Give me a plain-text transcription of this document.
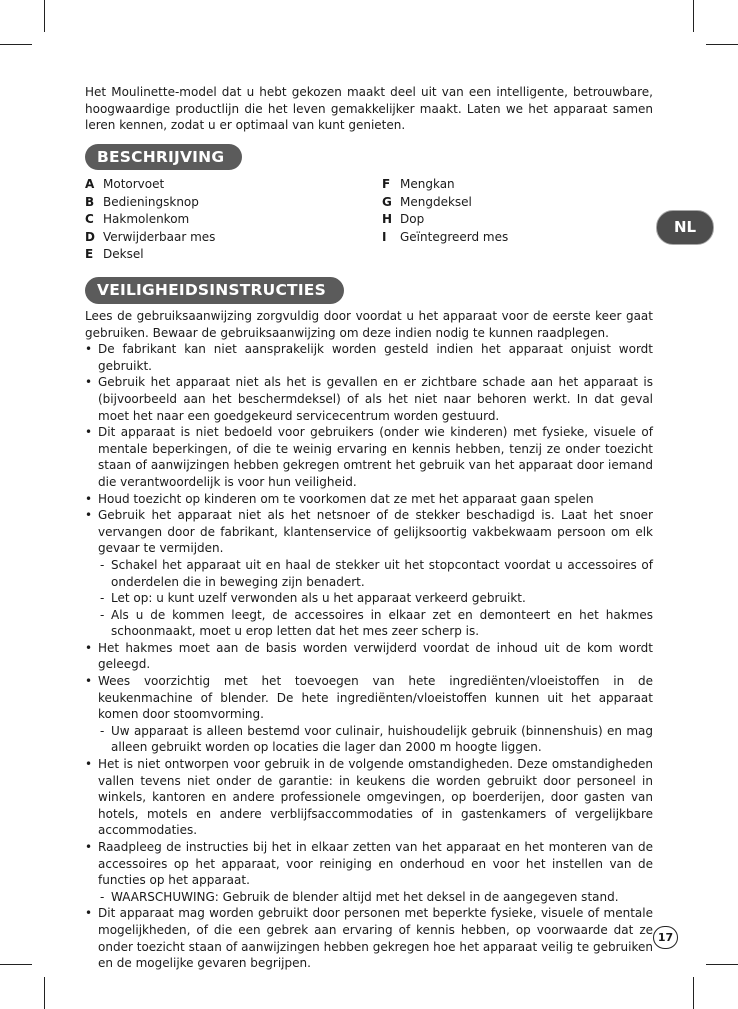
NL

Het Moulinette-model dat u hebt gekozen maakt deel uit van een intelligente, betrouwbare, hoogwaardige productlijn die het leven gemakkelijker maakt. Laten we het apparaat samen leren kennen, zodat u er optimaal van kunt genieten.

BESCHRIJVING
A Motorvoet
B Bedieningsknop
C Hakmolenkom
D Verwijderbaar mes
E Deksel
F Mengkan
G Mengdeksel
H Dop
I	Geïntegreerd mes
VEILIGHEIDSINSTRUCTIES

Lees de gebruiksaanwijzing zorgvuldig door voordat u het apparaat voor de eerste keer gaat gebruiken. Bewaar de gebruiksaanwijzing om deze indien nodig te kunnen raadplegen.

• De fabrikant kan niet aansprakelijk worden gesteld indien het apparaat onjuist wordt gebruikt.
• Gebruik het apparaat niet als het is gevallen en er zichtbare schade aan het apparaat is (bijvoorbeeld aan het beschermdeksel) of als het niet naar behoren werkt. In dat geval moet het naar een goedgekeurd servicecentrum worden gestuurd.
• Dit apparaat is niet bedoeld voor gebruikers (onder wie kinderen) met fysieke, visuele of mentale beperkingen, of die te weinig ervaring en kennis hebben, tenzij ze onder toezicht staan of aanwijzingen hebben gekregen omtrent het gebruik van het apparaat door iemand die verantwoordelijk is voor hun veiligheid.
• Houd toezicht op kinderen om te voorkomen dat ze met het apparaat gaan spelen
• Gebruik het apparaat niet als het netsnoer of de stekker beschadigd is. Laat het snoer vervangen door de fabrikant, klantenservice of gelijksoortig vakbekwaam persoon om elk gevaar te vermijden.
- Schakel het apparaat uit en haal de stekker uit het stopcontact voordat u accessoires of onderdelen die in beweging zijn benadert.
- Let op: u kunt uzelf verwonden als u het apparaat verkeerd gebruikt.
- Als u de kommen leegt, de accessoires in elkaar zet en demonteert en het hakmes schoonmaakt, moet u erop letten dat het mes zeer scherp is.
• Het hakmes moet aan de basis worden verwijderd voordat de inhoud uit de kom wordt geleegd.
• Wees voorzichtig met het toevoegen van hete ingrediënten/vloeistoffen in de keukenmachine of blender. De hete ingrediënten/vloeistoffen kunnen uit het apparaat komen door stoomvorming.
- Uw apparaat is alleen bestemd voor culinair, huishoudelijk gebruik (binnenshuis) en mag alleen gebruikt worden op locaties die lager dan 2000 m hoogte liggen.
• Het is niet ontworpen voor gebruik in de volgende omstandigheden. Deze omstandigheden vallen tevens niet onder de garantie: in keukens die worden gebruikt door personeel in winkels, kantoren en andere professionele omgevingen, op boerderijen, door gasten van hotels, motels en andere verblijfsaccommodaties of in gastenkamers of vergelijkbare accommodaties.
• Raadpleeg de instructies bij het in elkaar zetten van het apparaat en het monteren van de accessoires op het apparaat, voor reiniging en onderhoud en voor het instellen van de functies op het apparaat.
- WAARSCHUWING: Gebruik de blender altijd met het deksel in de aangegeven stand.
• Dit apparaat mag worden gebruikt door personen met beperkte fysieke, visuele of mentale mogelijkheden, of die een gebrek aan ervaring of kennis hebben, op voorwaarde dat ze onder toezicht staan of aanwijzingen hebben gekregen hoe het apparaat veilig te gebruiken en de mogelijke gevaren begrijpen.
17
